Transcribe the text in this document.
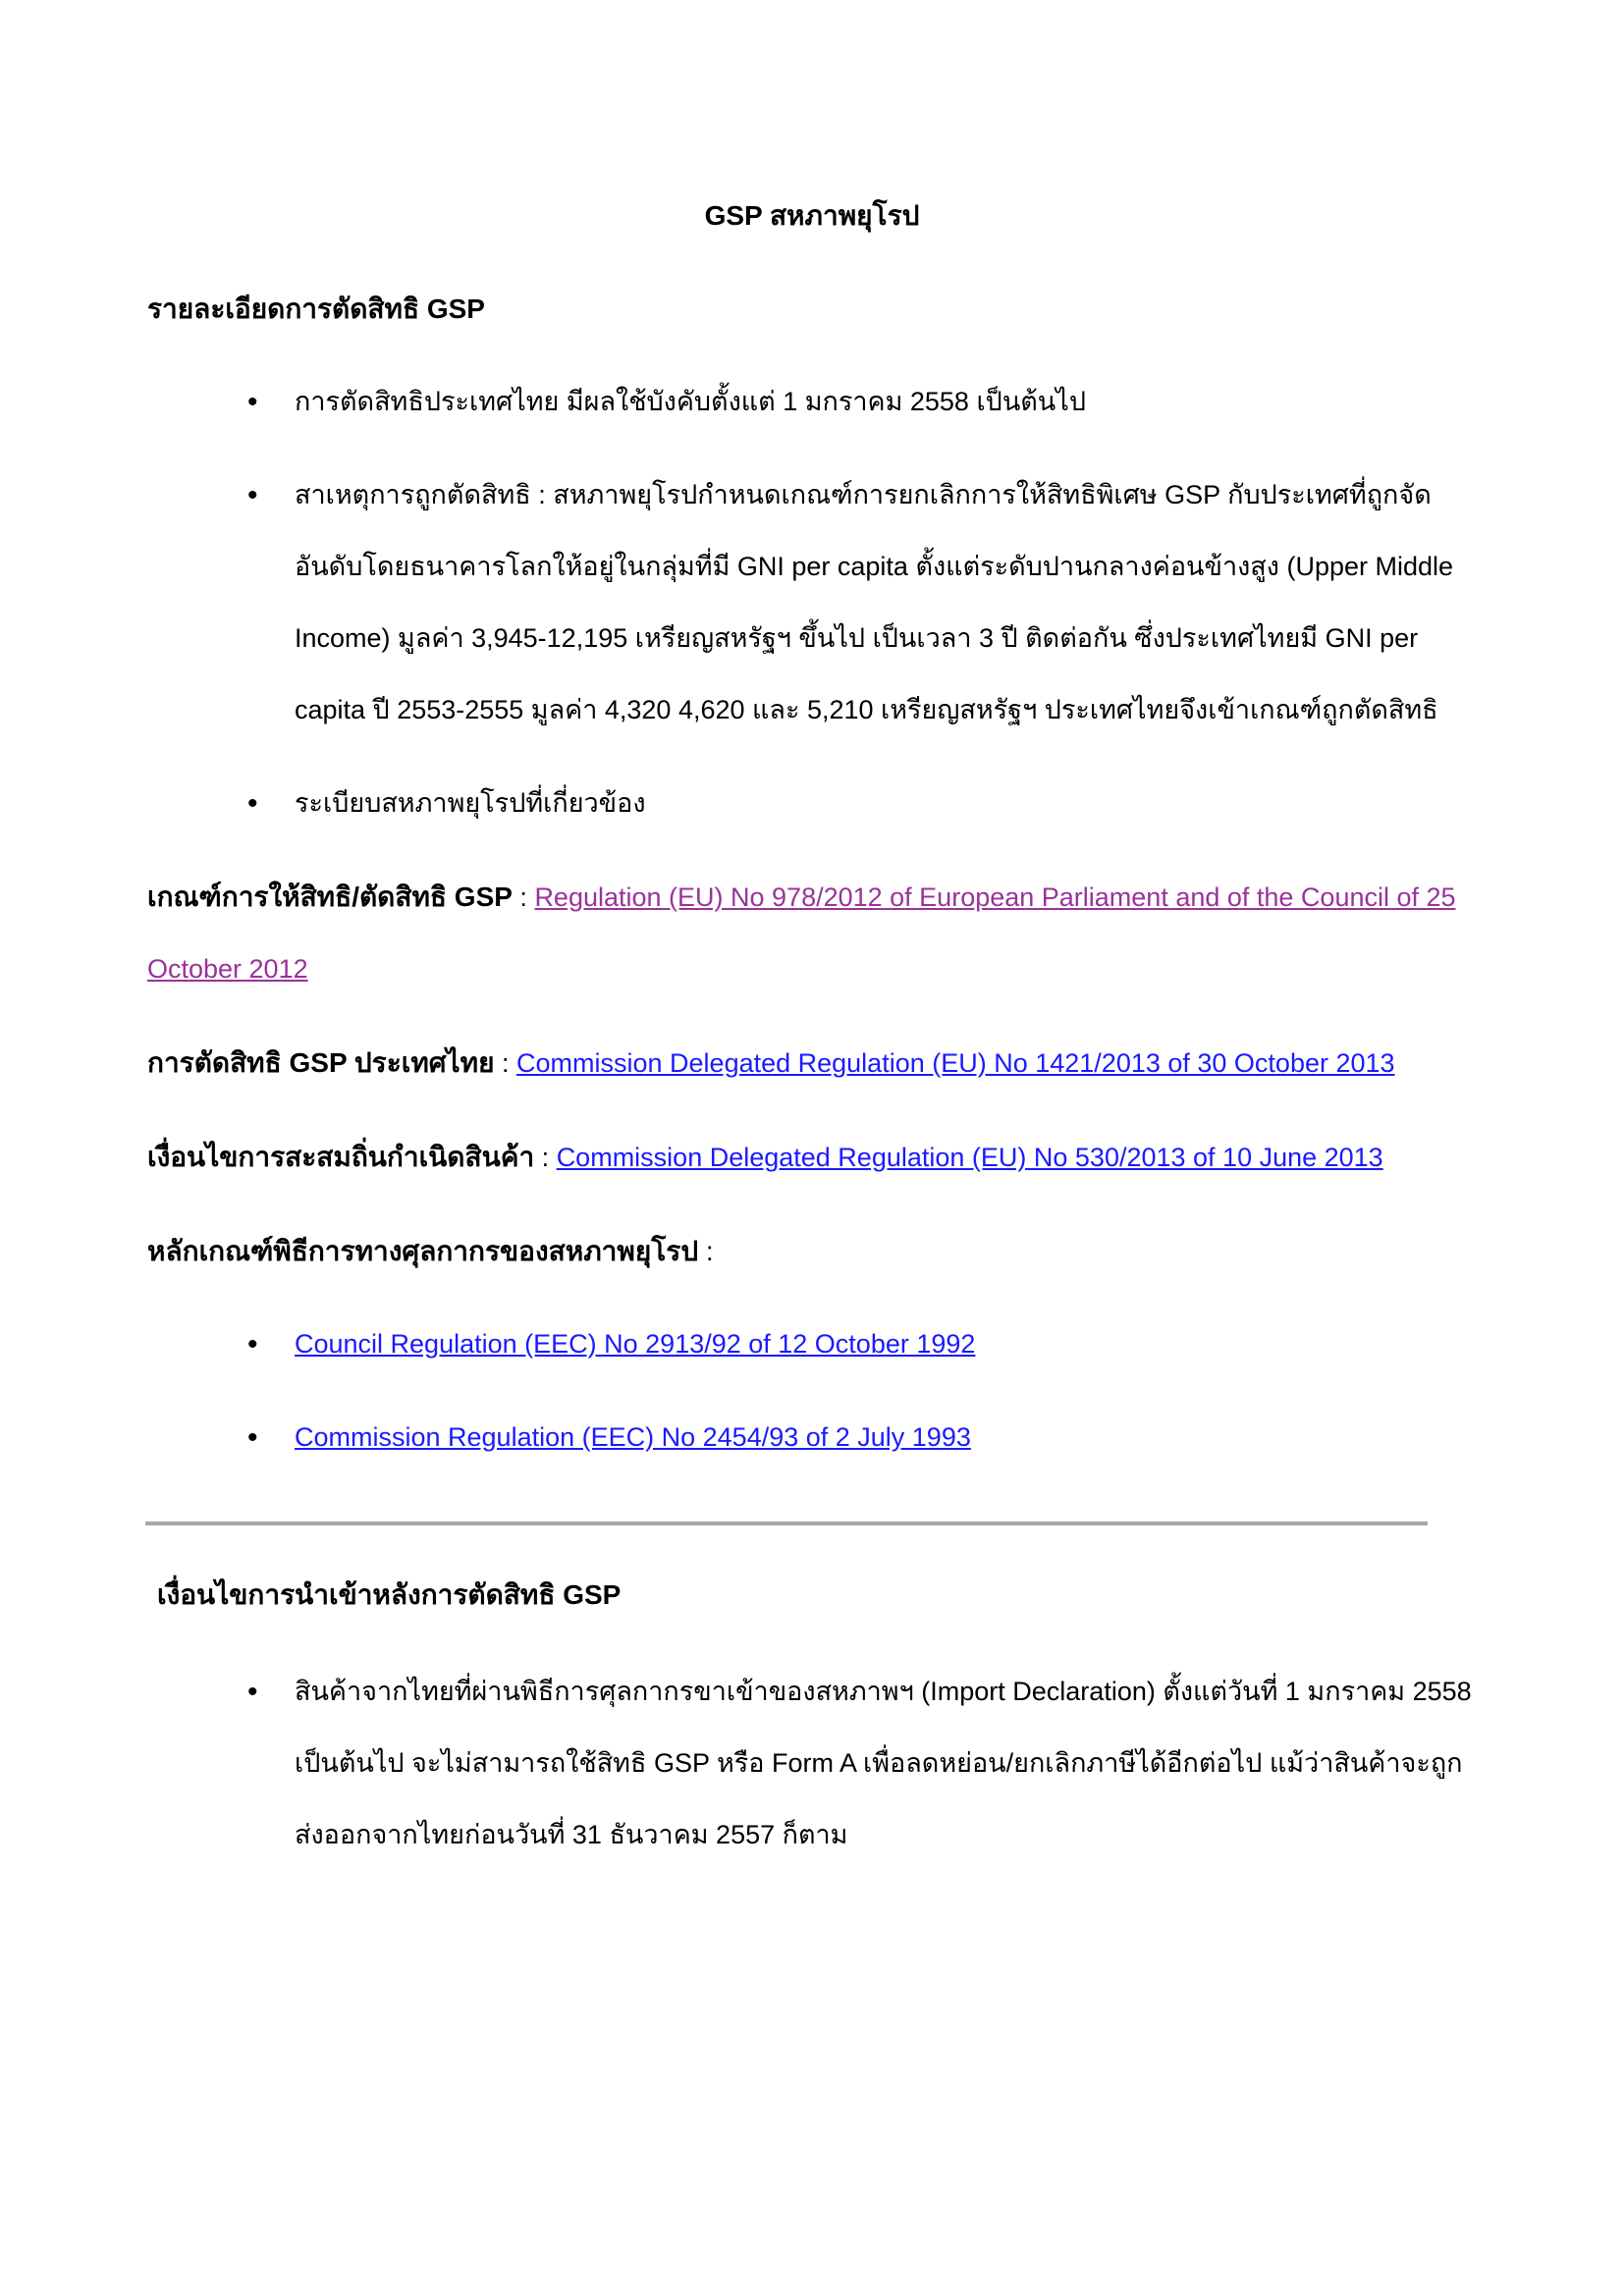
GSP สหภาพยุโรป
รายละเอียดการตัดสิทธิ GSP
• การตัดสิทธิประเทศไทย มีผลใช้บังคับตั้งแต่ 1 มกราคม 2558 เป็นต้นไป
• สาเหตุการถูกตัดสิทธิ : สหภาพยุโรปกำหนดเกณฑ์การยกเลิกการให้สิทธิพิเศษ GSP กับประเทศที่ถูกจัดอันดับโดยธนาคารโลกให้อยู่ในกลุ่มที่มี GNI per capita ตั้งแต่ระดับปานกลางค่อนข้างสูง (Upper Middle Income) มูลค่า 3,945-12,195 เหรียญสหรัฐฯ ขึ้นไป เป็นเวลา 3 ปี ติดต่อกัน ซึ่งประเทศไทยมี GNI per capita ปี 2553-2555 มูลค่า 4,320 4,620 และ 5,210 เหรียญสหรัฐฯ ประเทศไทยจึงเข้าเกณฑ์ถูกตัดสิทธิ
• ระเบียบสหภาพยุโรปที่เกี่ยวข้อง

เกณฑ์การให้สิทธิ/ตัดสิทธิ GSP : Regulation (EU) No 978/2012 of European Parliament and of the Council of 25 October 2012

การตัดสิทธิ GSP ประเทศไทย : Commission Delegated Regulation (EU) No 1421/2013 of 30 October 2013

เงื่อนไขการสะสมถิ่นกำเนิดสินค้า : Commission Delegated Regulation (EU) No 530/2013 of 10 June 2013

หลักเกณฑ์พิธีการทางศุลกากรของสหภาพยุโรป :
• Council Regulation (EEC) No 2913/92 of 12 October 1992
• Commission Regulation (EEC) No 2454/93 of 2 July 1993
เงื่อนไขการนำเข้าหลังการตัดสิทธิ GSP
• สินค้าจากไทยที่ผ่านพิธีการศุลกากรขาเข้าของสหภาพฯ (Import Declaration) ตั้งแต่วันที่ 1 มกราคม 2558 เป็นต้นไป จะไม่สามารถใช้สิทธิ GSP หรือ Form A เพื่อลดหย่อน/ยกเลิกภาษีได้อีกต่อไป แม้ว่าสินค้าจะถูกส่งออกจากไทยก่อนวันที่ 31 ธันวาคม 2557 ก็ตาม
